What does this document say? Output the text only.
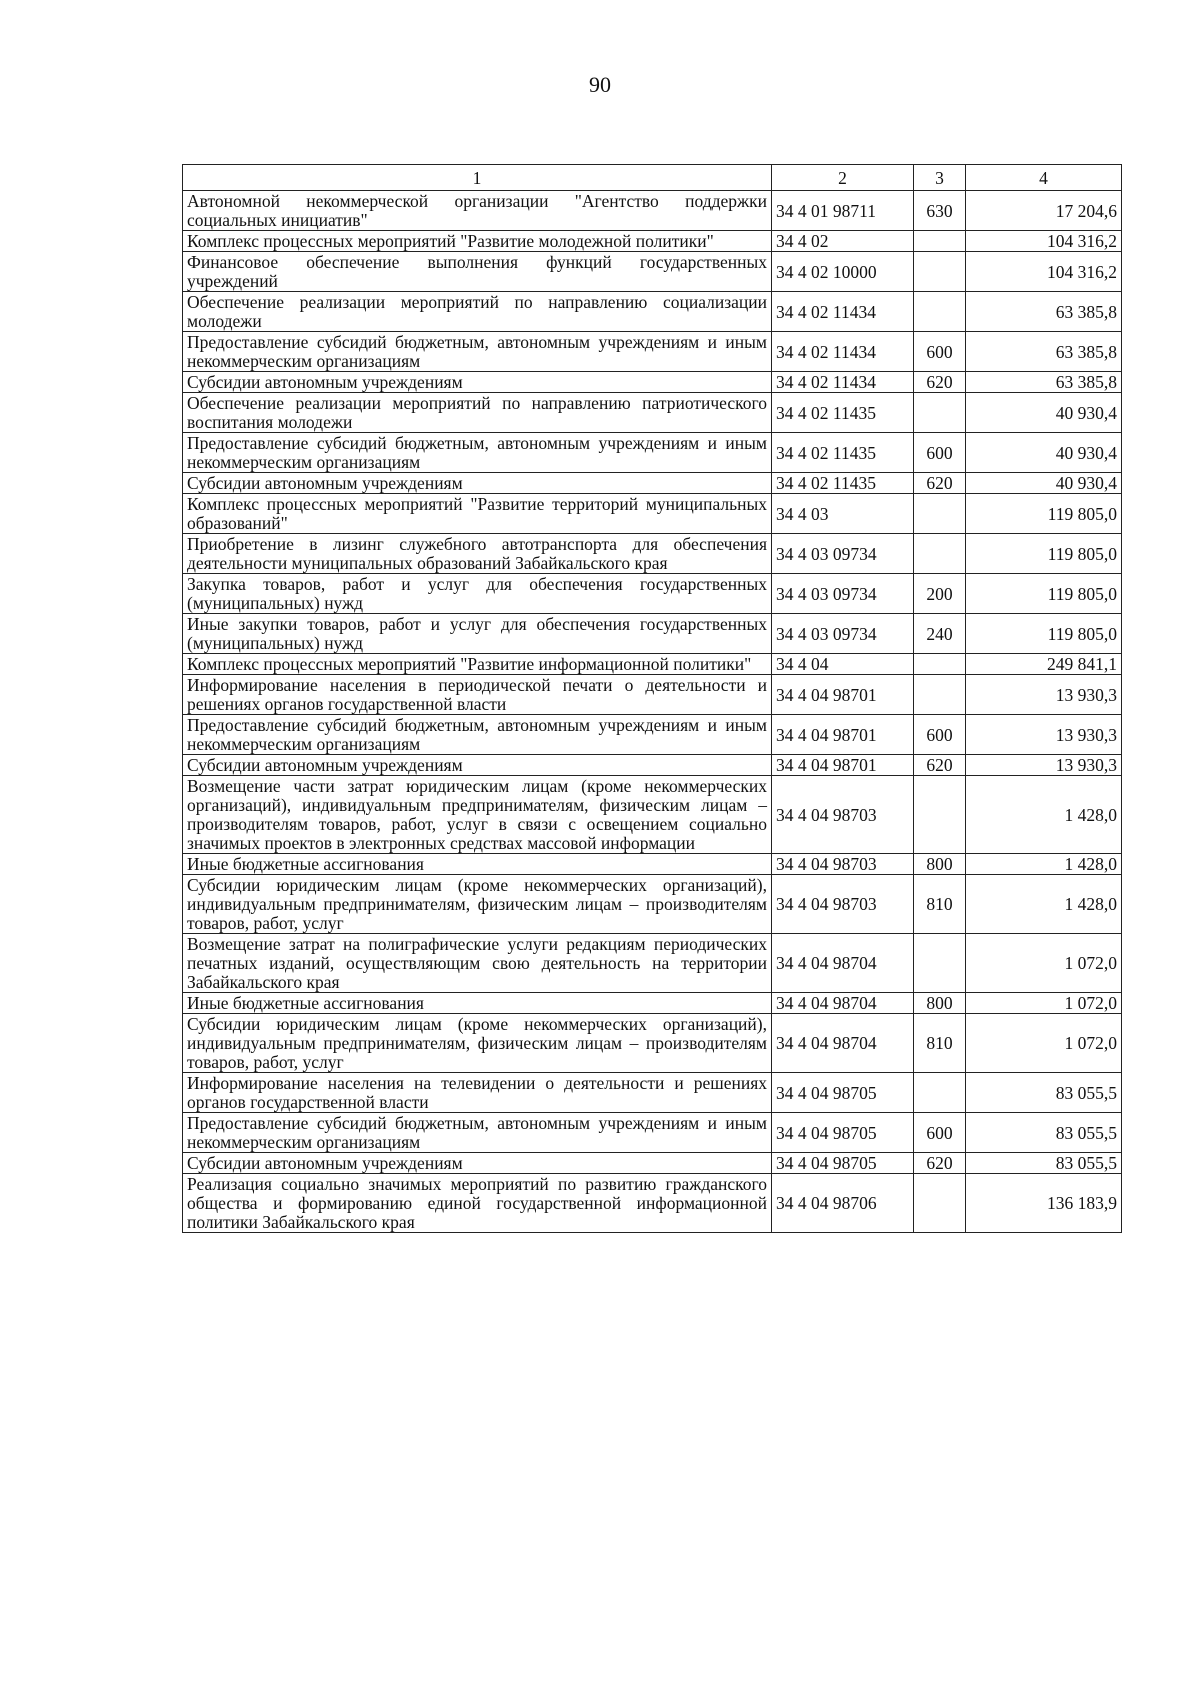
90
1	2	3	4
Автономной некоммерческой организации "Агентство поддержки социальных инициатив"	34 4 01 98711	630	17 204,6
Комплекс процессных мероприятий "Развитие молодежной политики"	34 4 02		104 316,2
Финансовое обеспечение выполнения функций государственных учреждений	34 4 02 10000		104 316,2
Обеспечение реализации мероприятий по направлению социализации молодежи	34 4 02 11434		63 385,8
Предоставление субсидий бюджетным, автономным учреждениям и иным некоммерческим организациям	34 4 02 11434	600	63 385,8
Субсидии автономным учреждениям	34 4 02 11434	620	63 385,8
Обеспечение реализации мероприятий по направлению патриотического воспитания молодежи	34 4 02 11435		40 930,4
Предоставление субсидий бюджетным, автономным учреждениям и иным некоммерческим организациям	34 4 02 11435	600	40 930,4
Субсидии автономным учреждениям	34 4 02 11435	620	40 930,4
Комплекс процессных мероприятий "Развитие территорий муниципальных образований"	34 4 03		119 805,0
Приобретение в лизинг служебного автотранспорта для обеспечения деятельности муниципальных образований Забайкальского края	34 4 03 09734		119 805,0
Закупка товаров, работ и услуг для обеспечения государственных (муниципальных) нужд	34 4 03 09734	200	119 805,0
Иные закупки товаров, работ и услуг для обеспечения государственных (муниципальных) нужд	34 4 03 09734	240	119 805,0
Комплекс процессных мероприятий "Развитие информационной политики"	34 4 04		249 841,1
Информирование населения в периодической печати о деятельности и решениях органов государственной власти	34 4 04 98701		13 930,3
Предоставление субсидий бюджетным, автономным учреждениям и иным некоммерческим организациям	34 4 04 98701	600	13 930,3
Субсидии автономным учреждениям	34 4 04 98701	620	13 930,3
Возмещение части затрат юридическим лицам (кроме некоммерческих организаций), индивидуальным предпринимателям, физическим лицам – производителям товаров, работ, услуг в связи с освещением социально значимых проектов в электронных средствах массовой информации	34 4 04 98703		1 428,0
Иные бюджетные ассигнования	34 4 04 98703	800	1 428,0
Субсидии юридическим лицам (кроме некоммерческих организаций), индивидуальным предпринимателям, физическим лицам – производителям товаров, работ, услуг	34 4 04 98703	810	1 428,0
Возмещение затрат на полиграфические услуги редакциям периодических печатных изданий, осуществляющим свою деятельность на территории Забайкальского края	34 4 04 98704		1 072,0
Иные бюджетные ассигнования	34 4 04 98704	800	1 072,0
Субсидии юридическим лицам (кроме некоммерческих организаций), индивидуальным предпринимателям, физическим лицам – производителям товаров, работ, услуг	34 4 04 98704	810	1 072,0
Информирование населения на телевидении о деятельности и решениях органов государственной власти	34 4 04 98705		83 055,5
Предоставление субсидий бюджетным, автономным учреждениям и иным некоммерческим организациям	34 4 04 98705	600	83 055,5
Субсидии автономным учреждениям	34 4 04 98705	620	83 055,5
Реализация социально значимых мероприятий по развитию гражданского общества и формированию единой государственной информационной политики Забайкальского края	34 4 04 98706		136 183,9
